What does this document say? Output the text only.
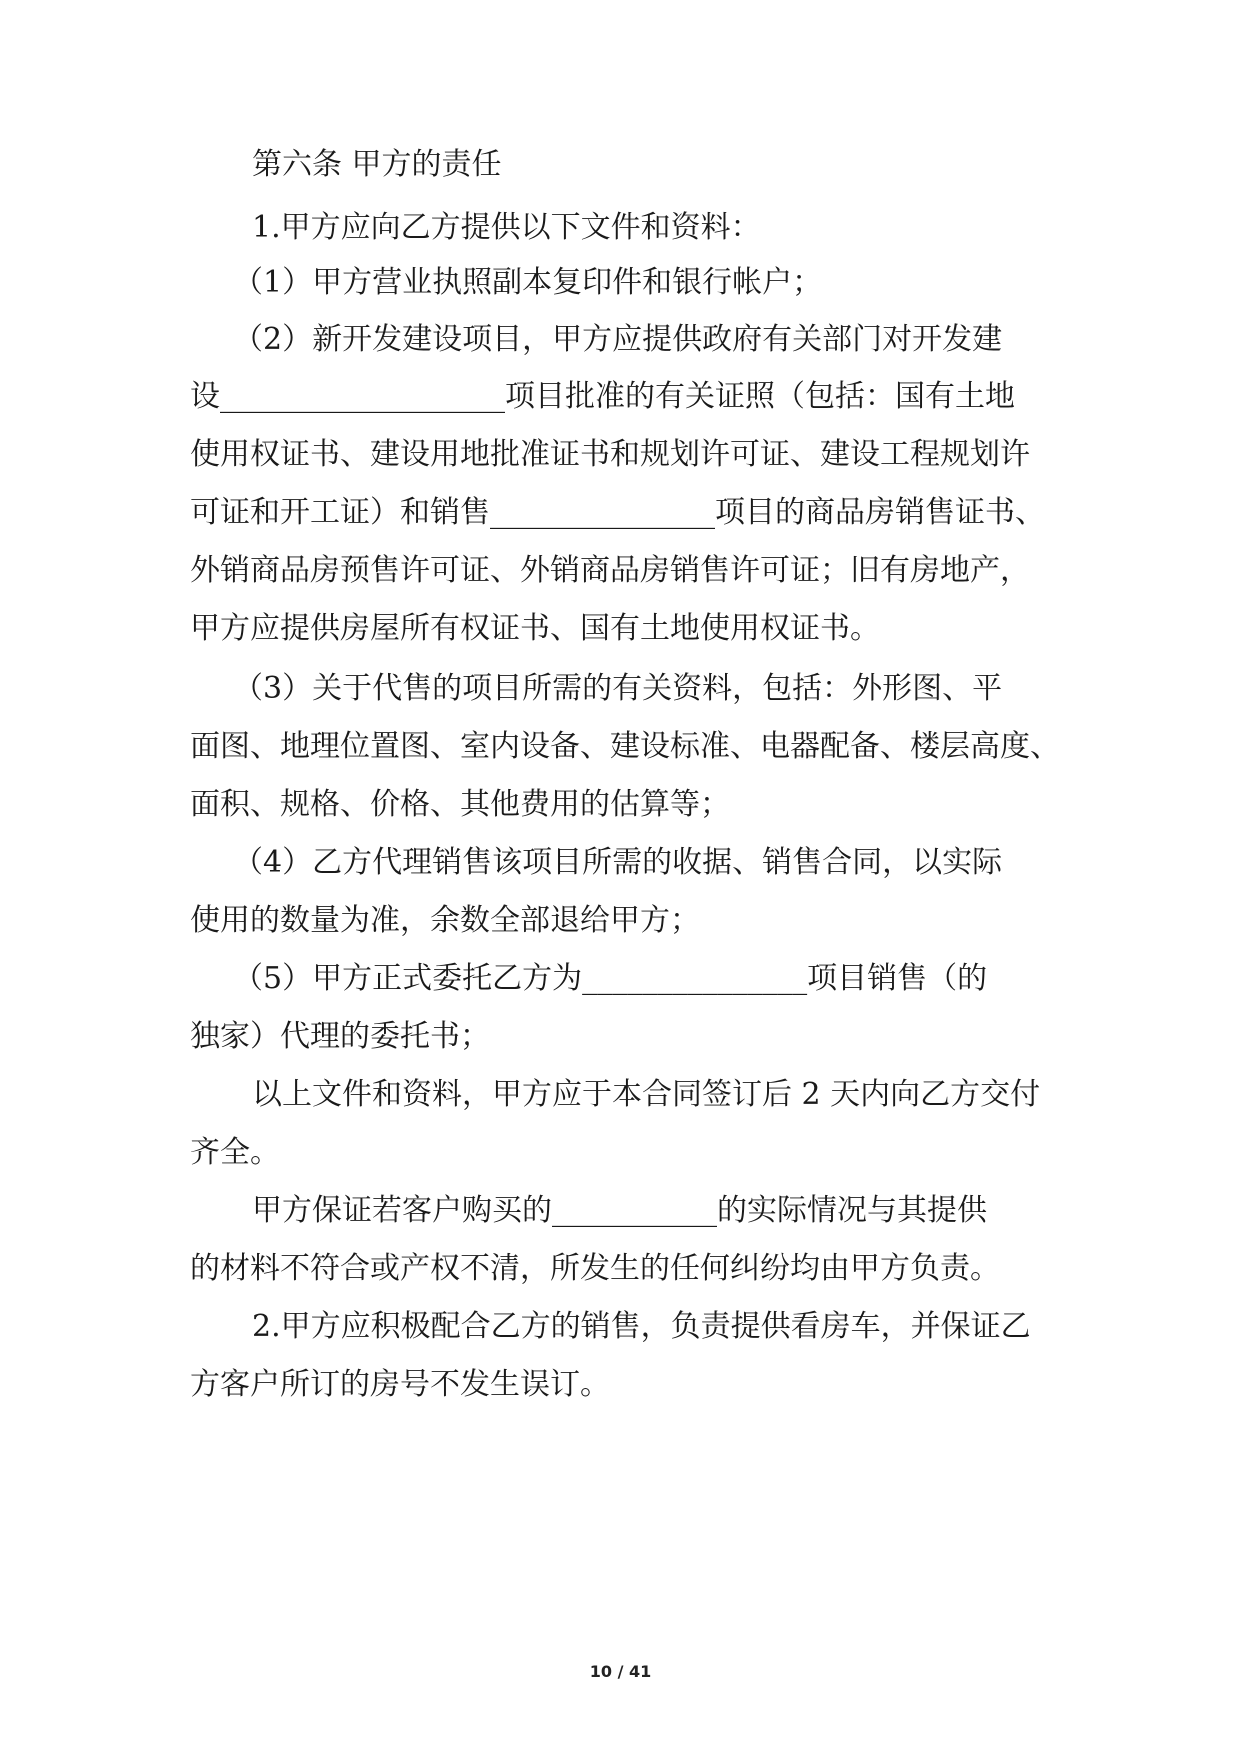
第六条 甲方的责任
1.甲方应向乙方提供以下文件和资料：
（1）甲方营业执照副本复印件和银行帐户；
（2）新开发建设项目，甲方应提供政府有关部门对开发建
设___________________项目批准的有关证照（包括：国有土地
使用权证书、建设用地批准证书和规划许可证、建设工程规划许
可证和开工证）和销售_______________项目的商品房销售证书、
外销商品房预售许可证、外销商品房销售许可证；旧有房地产，
甲方应提供房屋所有权证书、国有土地使用权证书。
（3）关于代售的项目所需的有关资料，包括：外形图、平
面图、地理位置图、室内设备、建设标准、电器配备、楼层高度、
面积、规格、价格、其他费用的估算等；
（4）乙方代理销售该项目所需的收据、销售合同，以实际
使用的数量为准，余数全部退给甲方；
（5）甲方正式委托乙方为_______________项目销售（的
独家）代理的委托书；
以上文件和资料，甲方应于本合同签订后 2 天内向乙方交付
齐全。
甲方保证若客户购买的___________的实际情况与其提供
的材料不符合或产权不清，所发生的任何纠纷均由甲方负责。
2.甲方应积极配合乙方的销售，负责提供看房车，并保证乙
方客户所订的房号不发生误订。
10 / 41
